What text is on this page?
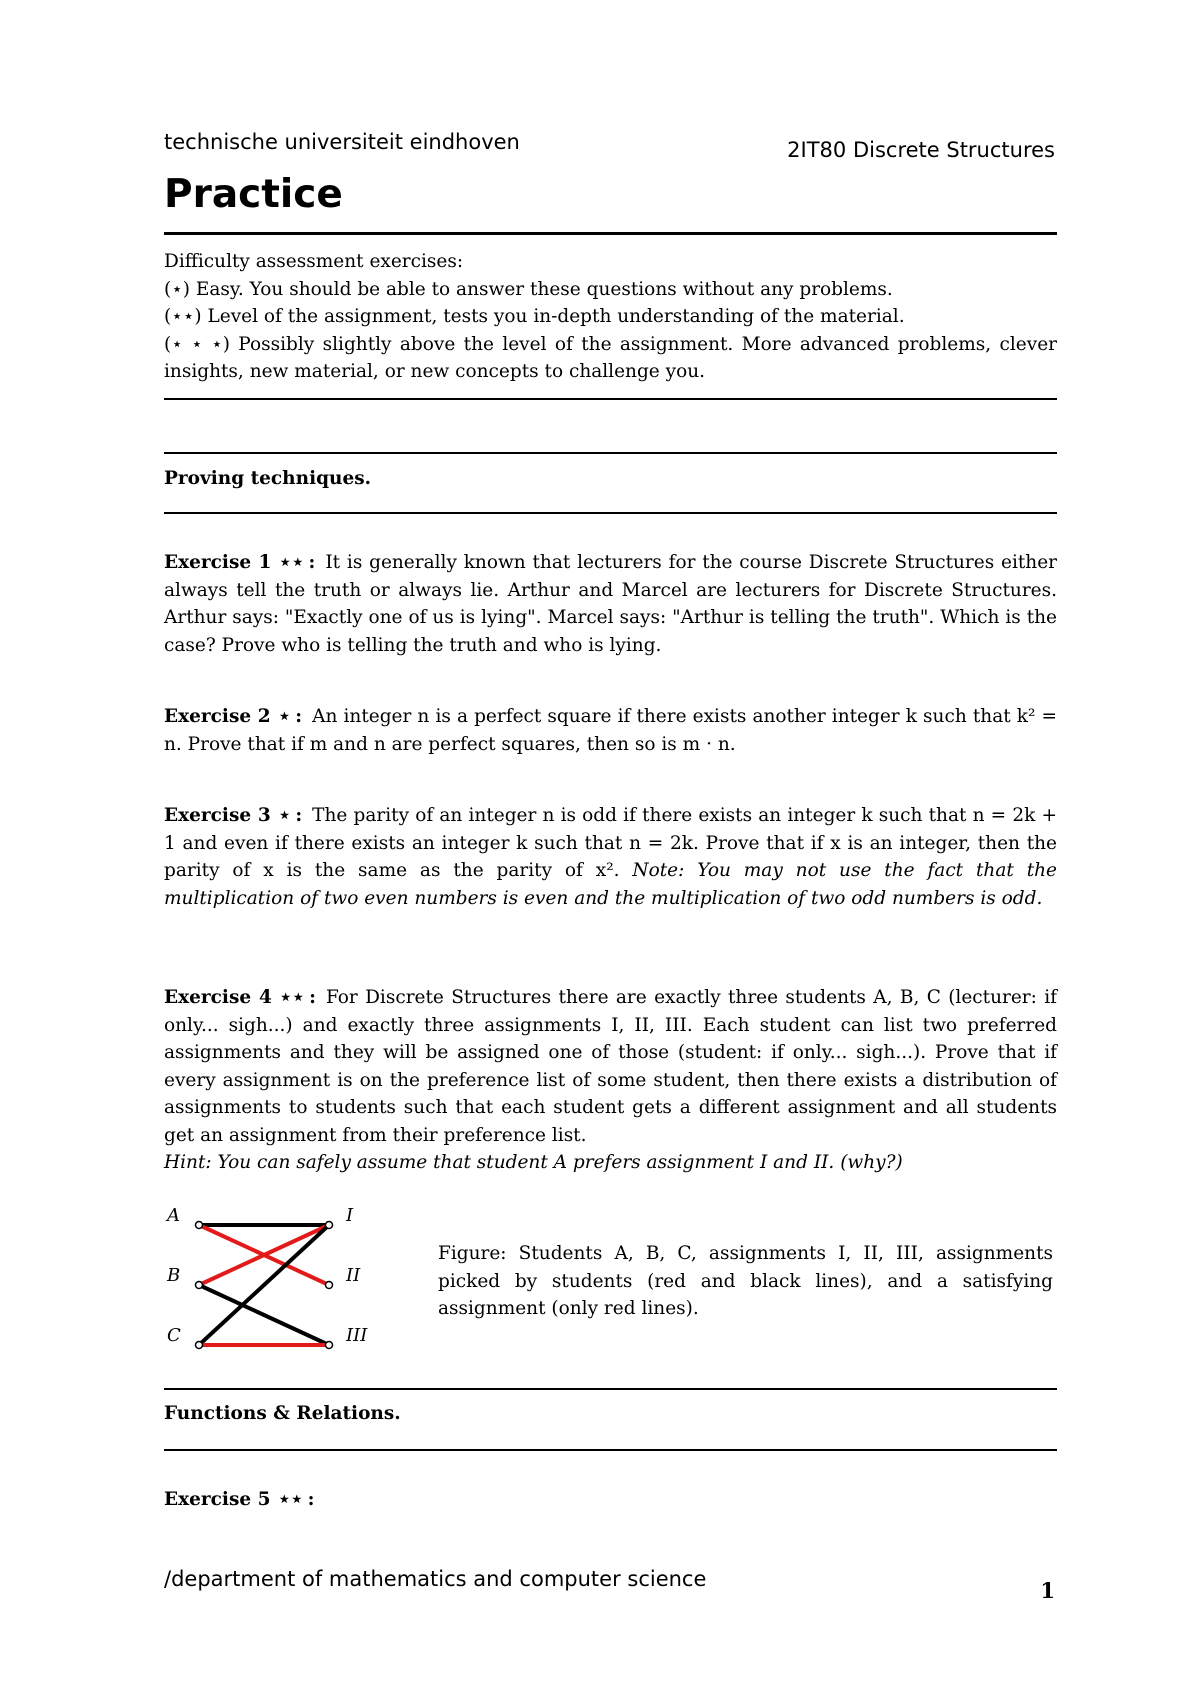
technische universiteit eindhoven	2IT80 Discrete Structures
Practice

Difficulty assessment exercises:

(⋆) Easy. You should be able to answer these questions without any problems.

(⋆⋆) Level of the assignment, tests you in-depth understanding of the material.

(⋆ ⋆ ⋆) Possibly slightly above the level of the assignment. More advanced problems, clever insights, new material, or new concepts to challenge you.

Proving techniques.

Exercise 1 ⋆⋆ : It is generally known that lecturers for the course Discrete Structures either always tell the truth or always lie. Arthur and Marcel are lecturers for Discrete Structures. Arthur says: "Exactly one of us is lying". Marcel says: "Arthur is telling the truth". Which is the case? Prove who is telling the truth and who is lying.

Exercise 2 ⋆ : An integer n is a perfect square if there exists another integer k such that k² = n. Prove that if m and n are perfect squares, then so is m · n.

Exercise 3 ⋆ : The parity of an integer n is odd if there exists an integer k such that n = 2k + 1 and even if there exists an integer k such that n = 2k. Prove that if x is an integer, then the parity of x is the same as the parity of x². Note: You may not use the fact that the multiplication of two even numbers is even and the multiplication of two odd numbers is odd.

Exercise 4 ⋆⋆ : For Discrete Structures there are exactly three students A, B, C (lecturer: if only... sigh...) and exactly three assignments I, II, III. Each student can list two preferred assignments and they will be assigned one of those (student: if only... sigh...). Prove that if every assignment is on the preference list of some student, then there exists a distribution of assignments to students such that each student gets a different assignment and all students get an assignment from their preference list.

Hint: You can safely assume that student A prefers assignment I and II. (why?)

A
B
C
I
II
III
Figure: Students A, B, C, assignments I, II, III, assignments picked by students (red and black lines), and a satisfying assignment (only red lines).
Functions & Relations.

Exercise 5 ⋆⋆ :

/department of mathematics and computer science	1
